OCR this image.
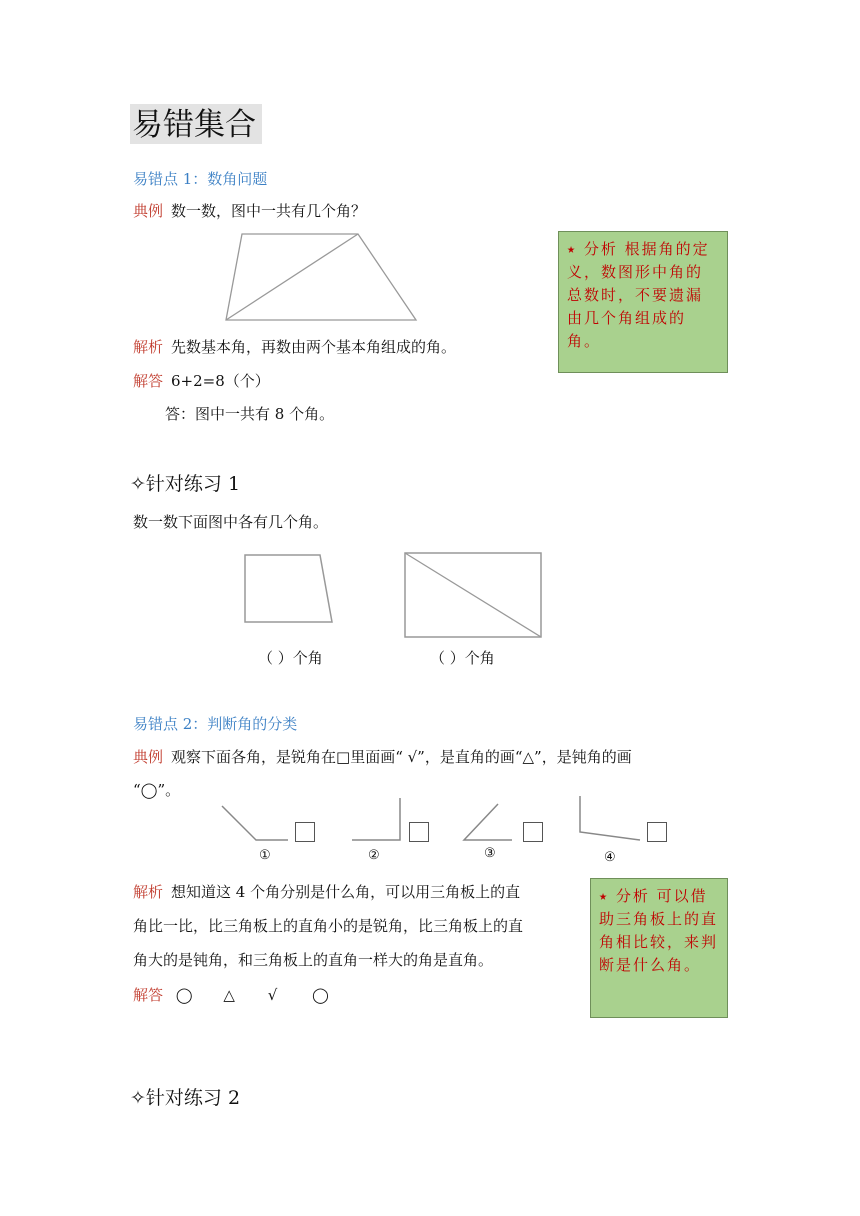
易错集合
易错点 1：数角问题
典例 数一数，图中一共有几个角？
⭑ 分析 根据角的定义，数图形中角的总数时，不要遗漏由几个角组成的角。
解析 先数基本角，再数由两个基本角组成的角。
解答 6+2=8（个）
答：图中一共有 8 个角。
✧针对练习 1
数一数下面图中各有几个角。
（ ）个角	（ ）个角
易错点 2：判断角的分类
典例 观察下面各角，是锐角在□里面画“ √”，是直角的画“△”，是钝角的画
“◯”。
①	②	③	④
解析 想知道这 4 个角分别是什么角，可以用三角板上的直
角比一比，比三角板上的直角小的是锐角，比三角板上的直
角大的是钝角，和三角板上的直角一样大的角是直角。
解答 ◯ △ √ ◯
⭑ 分析 可以借助三角板上的直角相比较，来判断是什么角。
✧针对练习 2
